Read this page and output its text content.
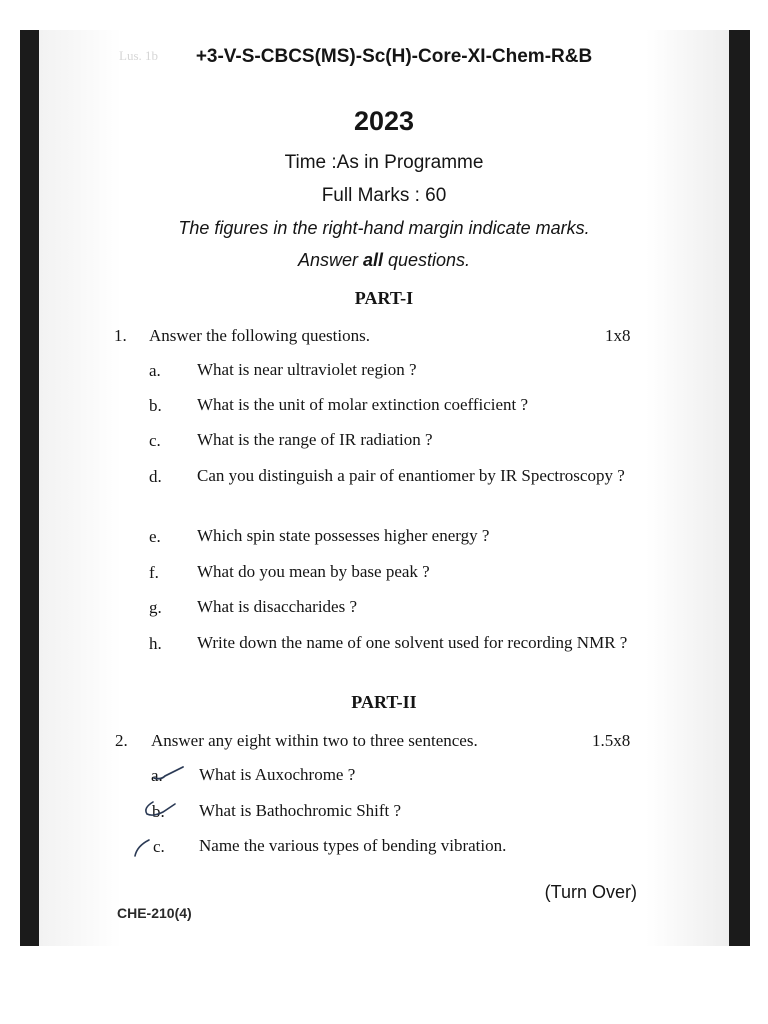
Lus. 1b	+3-V-S-CBCS(MS)-Sc(H)-Core-XI-Chem-R&B
2023
Time :As in Programme
Full Marks : 60
The figures in the right-hand margin indicate marks.
Answer all questions.
PART-I
1. Answer the following questions.	1x8
a. What is near ultraviolet region ?
b. What is the unit of molar extinction coefficient ?
c. What is the range of IR radiation ?
d. Can you distinguish a pair of enantiomer by IR Spectroscopy ?
e. Which spin state possesses higher energy ?
f. What do you mean by base peak ?
g. What is disaccharides ?
h. Write down the name of one solvent used for recording NMR ?
PART-II
2. Answer any eight within two to three sentences.	1.5x8
a. What is Auxochrome ?
b. What is Bathochromic Shift ?
c. Name the various types of bending vibration.
(Turn Over)
CHE-210(4)
